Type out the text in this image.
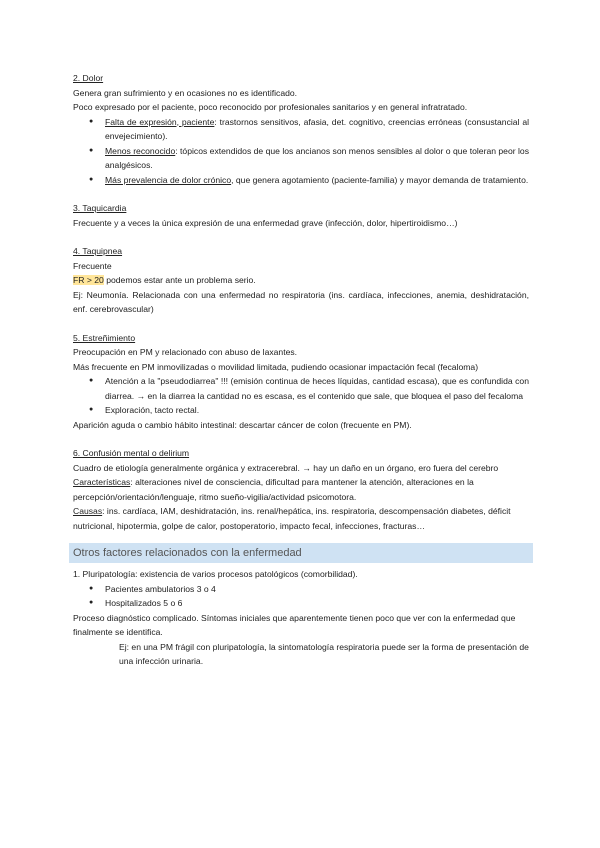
2. Dolor

Genera gran sufrimiento y en ocasiones no es identificado.

Poco expresado por el paciente, poco reconocido por profesionales sanitarios y en general infratratado.

● Falta de expresión, paciente: trastornos sensitivos, afasia, det. cognitivo, creencias erróneas (consustancial al envejecimiento).
● Menos reconocido: tópicos extendidos de que los ancianos son menos sensibles al dolor o que toleran peor los analgésicos.
● Más prevalencia de dolor crónico, que genera agotamiento (paciente-familia) y mayor demanda de tratamiento.

3. Taquicardia

Frecuente y a veces la única expresión de una enfermedad grave (infección, dolor, hipertiroidismo…)

4. Taquipnea

Frecuente

FR > 20 podemos estar ante un problema serio.

Ej: Neumonía. Relacionada con una enfermedad no respiratoria (ins. cardíaca, infecciones, anemia, deshidratación, enf. cerebrovascular)

5. Estreñimiento

Preocupación en PM y relacionado con abuso de laxantes.

Más frecuente en PM inmovilizadas o movilidad limitada, pudiendo ocasionar impactación fecal (fecaloma)

● Atención a la "pseudodiarrea" !!! (emisión continua de heces líquidas, cantidad escasa), que es confundida con diarrea. → en la diarrea la cantidad no es escasa, es el contenido que sale, que bloquea el paso del fecaloma
● Exploración, tacto rectal.

Aparición aguda o cambio hábito intestinal: descartar cáncer de colon (frecuente en PM).

6. Confusión mental o delirium

Cuadro de etiología generalmente orgánica y extracerebral. → hay un daño en un órgano, ero fuera del cerebro

Características: alteraciones nivel de consciencia, dificultad para mantener la atención, alteraciones en la percepción/orientación/lenguaje, ritmo sueño-vigilia/actividad psicomotora.

Causas: ins. cardíaca, IAM, deshidratación, ins. renal/hepática, ins. respiratoria, descompensación diabetes, déficit nutricional, hipotermia, golpe de calor, postoperatorio, impacto fecal, infecciones, fracturas…

Otros factores relacionados con la enfermedad

1. Pluripatología: existencia de varios procesos patológicos (comorbilidad).

● Pacientes ambulatorios 3 o 4
● Hospitalizados 5 o 6

Proceso diagnóstico complicado. Síntomas iniciales que aparentemente tienen poco que ver con la enfermedad que finalmente se identifica.

Ej: en una PM frágil con pluripatología, la sintomatología respiratoria puede ser la forma de presentación de una infección urinaria.
